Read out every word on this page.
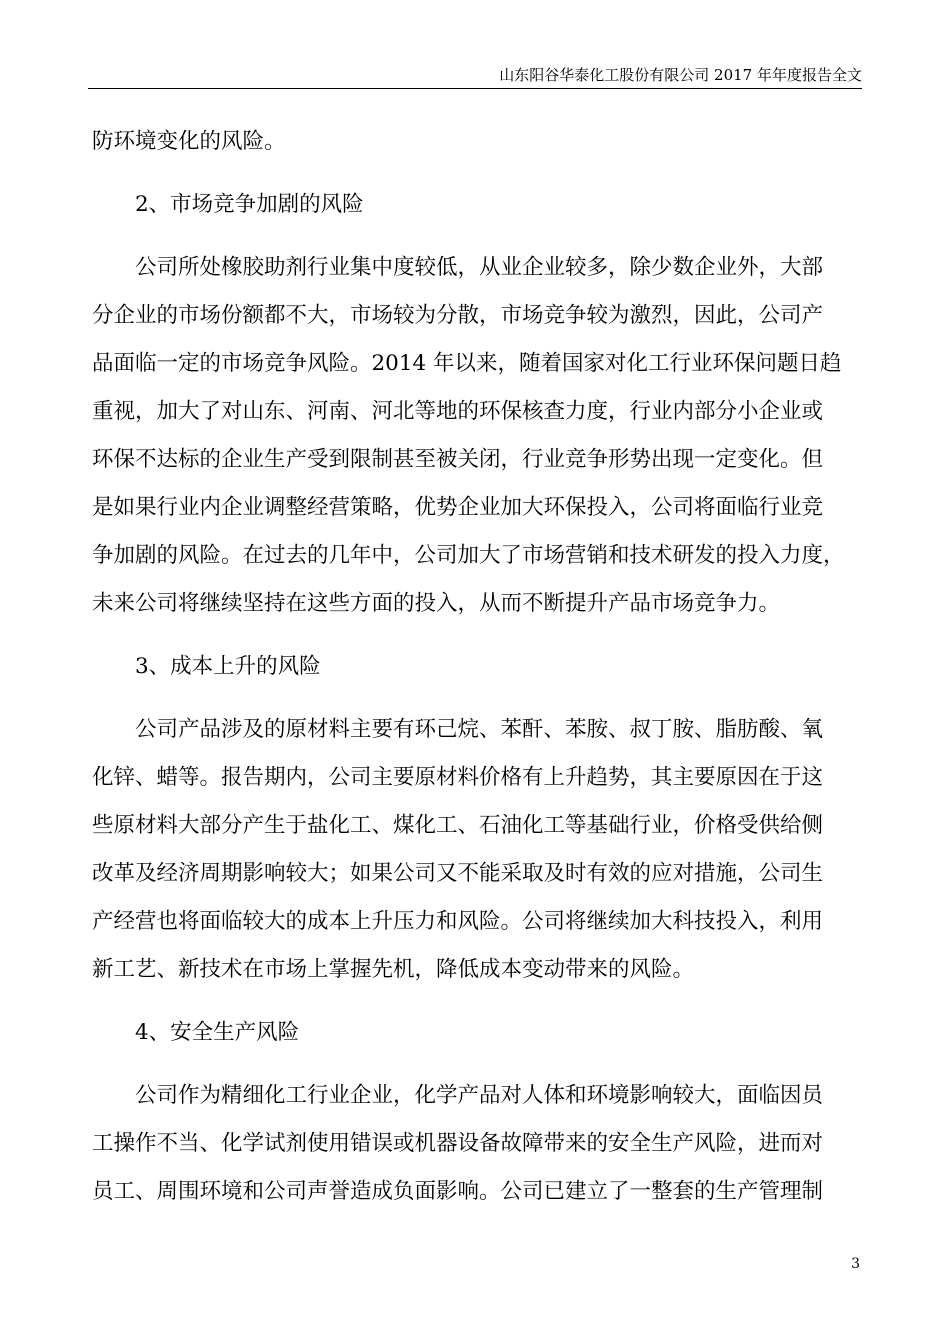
山东阳谷华泰化工股份有限公司 2017 年年度报告全文
防环境变化的风险。
2、市场竞争加剧的风险
公司所处橡胶助剂行业集中度较低，从业企业较多，除少数企业外，大部
分企业的市场份额都不大，市场较为分散，市场竞争较为激烈，因此，公司产
品面临一定的市场竞争风险。2014 年以来，随着国家对化工行业环保问题日趋
重视，加大了对山东、河南、河北等地的环保核查力度，行业内部分小企业或
环保不达标的企业生产受到限制甚至被关闭，行业竞争形势出现一定变化。但
是如果行业内企业调整经营策略，优势企业加大环保投入，公司将面临行业竞
争加剧的风险。在过去的几年中，公司加大了市场营销和技术研发的投入力度，
未来公司将继续坚持在这些方面的投入，从而不断提升产品市场竞争力。
3、成本上升的风险
公司产品涉及的原材料主要有环己烷、苯酐、苯胺、叔丁胺、脂肪酸、氧
化锌、蜡等。报告期内，公司主要原材料价格有上升趋势，其主要原因在于这
些原材料大部分产生于盐化工、煤化工、石油化工等基础行业，价格受供给侧
改革及经济周期影响较大；如果公司又不能采取及时有效的应对措施，公司生
产经营也将面临较大的成本上升压力和风险。公司将继续加大科技投入，利用
新工艺、新技术在市场上掌握先机，降低成本变动带来的风险。
4、安全生产风险
公司作为精细化工行业企业，化学产品对人体和环境影响较大，面临因员
工操作不当、化学试剂使用错误或机器设备故障带来的安全生产风险，进而对
员工、周围环境和公司声誉造成负面影响。公司已建立了一整套的生产管理制
3
